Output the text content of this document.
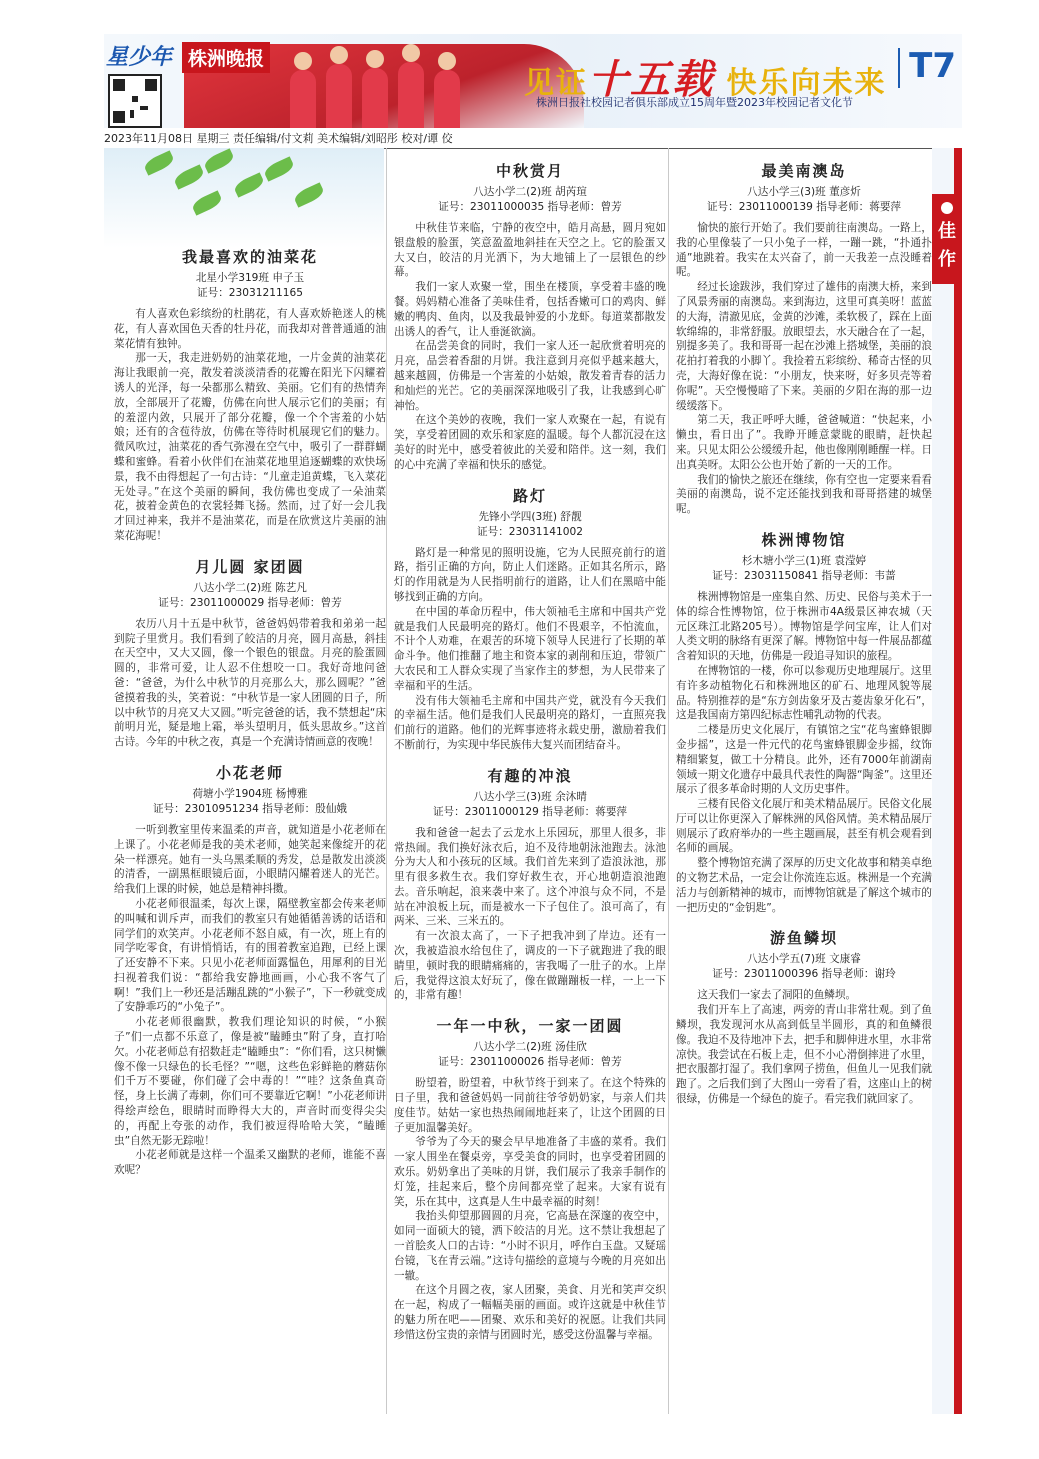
星少年 株洲晚报
见证十五载 快乐向未来
株洲日报社校园记者俱乐部成立15周年暨2023年校园记者文化节
T7
2023年11月08日 星期三 责任编辑/付文莉 美术编辑/刘昭彤 校对/谭 佼
佳作
我最喜欢的油菜花
北星小学319班 申子玉
证号：23031211165

有人喜欢色彩缤纷的杜鹃花，有人喜欢娇艳迷人的桃花，有人喜欢国色天香的牡丹花，而我却对普普通通的油菜花情有独钟。

那一天，我走进奶奶的油菜花地，一片金黄的油菜花海让我眼前一亮，散发着淡淡清香的花瓣在阳光下闪耀着诱人的光泽，每一朵都那么精致、美丽。它们有的热情奔放，全部展开了花瓣，仿佛在向世人展示它们的美丽；有的羞涩内敛，只展开了部分花瓣，像一个个害羞的小姑娘；还有的含苞待放，仿佛在等待时机展现它们的魅力。微风吹过，油菜花的香气弥漫在空气中，吸引了一群群蝴蝶和蜜蜂。看着小伙伴们在油菜花地里追逐蝴蝶的欢快场景，我不由得想起了一句古诗：“儿童走追黄蝶，飞入菜花无处寻。”在这个美丽的瞬间，我仿佛也变成了一朵油菜花，披着金黄色的衣裳轻舞飞扬。然而，过了好一会儿我才回过神来，我并不是油菜花，而是在欣赏这片美丽的油菜花海呢！

月儿圆 家团圆
八达小学二(2)班 陈艺凡
证号：23011000029 指导老师：曾芳

农历八月十五是中秋节，爸爸妈妈带着我和弟弟一起到院子里赏月。我们看到了皎洁的月亮，圆月高悬，斜挂在天空中，又大又圆，像一个银色的银盘。月亮的脸蛋圆圆的，非常可爱，让人忍不住想咬一口。我好奇地问爸爸：“爸爸，为什么中秋节的月亮那么大，那么圆呢？”爸爸摸着我的头，笑着说：“中秋节是一家人团圆的日子，所以中秋节的月亮又大又圆。”听完爸爸的话，我不禁想起“床前明月光，疑是地上霜，举头望明月，低头思故乡。”这首古诗。今年的中秋之夜，真是一个充满诗情画意的夜晚！

小花老师
荷塘小学1904班 杨博雅
证号：23010951234 指导老师：殷仙娥

一听到教室里传来温柔的声音，就知道是小花老师在上课了。小花老师是我的美术老师，她笑起来像绽开的花朵一样漂亮。她有一头乌黑柔顺的秀发，总是散发出淡淡的清香，一副黑框眼镜后面，小眼睛闪耀着迷人的光芒。给我们上课的时候，她总是精神抖擞。

小花老师很温柔，每次上课，隔壁教室都会传来老师的叫喊和训斥声，而我们的教室只有她循循善诱的话语和同学们的欢笑声。小花老师不怒自威，有一次，班上有的同学吃零食，有讲悄悄话，有的围着教室追跑，已经上课了还安静不下来。只见小花老师面露愠色，用犀利的目光扫视着我们说：“都给我安静地画画，小心我不客气了啊！”我们上一秒还是活蹦乱跳的“小猴子”，下一秒就变成了安静乖巧的“小兔子”。

小花老师很幽默，教我们理论知识的时候，“小猴子”们一点都不乐意了，像是被“瞌睡虫”附了身，直打哈欠。小花老师总有招数赶走“瞌睡虫”：“你们看，这只树懒像不像一只绿色的长毛怪？”“嗯，这些色彩鲜艳的蘑菇你们千万不要碰，你们碰了会中毒的！”“哇？这条鱼真奇怪，身上长满了毒刺，你们可不要靠近它啊！”小花老师讲得绘声绘色，眼睛时而睁得大大的，声音时而变得尖尖的，再配上夸张的动作，我们被逗得哈哈大笑，“瞌睡虫”自然无影无踪啦！

小花老师就是这样一个温柔又幽默的老师，谁能不喜欢呢？

中秋赏月
八达小学二(2)班 胡芮瑄
证号：23011000035 指导老师：曾芳

中秋佳节来临，宁静的夜空中，皓月高悬，圆月宛如银盘般的脸蛋，笑意盈盈地斜挂在天空之上。它的脸蛋又大又白，皎洁的月光洒下，为大地铺上了一层银色的纱幕。

我们一家人欢聚一堂，围坐在楼顶，享受着丰盛的晚餐。妈妈精心准备了美味佳肴，包括香嫩可口的鸡肉、鲜嫩的鸭肉、鱼肉，以及我最钟爱的小龙虾。每道菜都散发出诱人的香气，让人垂涎欲滴。

在品尝美食的同时，我们一家人还一起欣赏着明亮的月亮，品尝着香甜的月饼。我注意到月亮似乎越来越大，越来越圆，仿佛是一个害羞的小姑娘，散发着青春的活力和灿烂的光芒。它的美丽深深地吸引了我，让我感到心旷神怡。

在这个美妙的夜晚，我们一家人欢聚在一起，有说有笑，享受着团圆的欢乐和家庭的温暖。每个人都沉浸在这美好的时光中，感受着彼此的关爱和陪伴。这一刻，我们的心中充满了幸福和快乐的感觉。

路灯
先锋小学四(3班) 舒靓
证号：23031141002

路灯是一种常见的照明设施，它为人民照亮前行的道路，指引正确的方向，防止人们迷路。正如其名所示，路灯的作用就是为人民指明前行的道路，让人们在黑暗中能够找到正确的方向。

在中国的革命历程中，伟大领袖毛主席和中国共产党就是我们人民最明亮的路灯。他们不畏艰辛，不怕流血，不计个人劝难，在艰苦的环境下领导人民进行了长期的革命斗争。他们推翻了地主和资本家的剥削和压迫，带领广大农民和工人群众实现了当家作主的梦想，为人民带来了幸福和平的生活。

没有伟大领袖毛主席和中国共产党，就没有今天我们的幸福生活。他们是我们人民最明亮的路灯，一直照亮我们前行的道路。他们的光辉事迹将永载史册，激励着我们不断前行，为实现中华民族伟大复兴而团结奋斗。

有趣的冲浪
八达小学三(3)班 余沐晴
证号：23011000129 指导老师：蒋要萍

我和爸爸一起去了云龙水上乐园玩，那里人很多，非常热闹。我们换好泳衣后，迫不及待地朝泳池跑去。泳池分为大人和小孩玩的区域。我们首先来到了造浪泳池，那里有很多救生衣。我们穿好救生衣，开心地朝造浪池跑去。音乐响起，浪来袭中来了。这个冲浪与众不同，不是站在冲浪板上玩，而是被水一下子包住了。浪可高了，有两米、三米、三米五的。

有一次浪太高了，一下子把我冲到了岸边。还有一次，我被造浪水给包住了，调皮的一下子就跑进了我的眼睛里，顿时我的眼睛痛痛的，害我喝了一肚子的水。上岸后，我觉得这浪太好玩了，像在做蹦蹦板一样，一上一下的，非常有趣！

一年一中秋，一家一团圆
八达小学二(2)班 汤佳欣
证号：23011000026 指导老师：曾芳

盼望着，盼望着，中秋节终于到来了。在这个特殊的日子里，我和爸爸妈妈一同前往爷爷奶奶家，与亲人们共度佳节。姑姑一家也热热闹闹地赶来了，让这个团圆的日子更加温馨美好。

爷爷为了今天的聚会早早地准备了丰盛的菜肴。我们一家人围坐在餐桌旁，享受美食的同时，也享受着团圆的欢乐。奶奶拿出了美味的月饼，我们展示了我亲手制作的灯笼，挂起来后，整个房间都亮堂了起来。大家有说有笑，乐在其中，这真是人生中最幸福的时刻！

我抬头仰望那圆圆的月亮，它高悬在深邃的夜空中，如同一面硕大的镜，洒下皎洁的月光。这不禁让我想起了一首脍炙人口的古诗：“小时不识月，呼作白玉盘。又疑瑶台镜，飞在青云端。”这诗句描绘的意境与今晚的月亮如出一辙。

在这个月圆之夜，家人团聚，美食、月光和笑声交织在一起，构成了一幅幅美丽的画面。或许这就是中秋佳节的魅力所在吧——团聚、欢乐和美好的祝愿。让我们共同珍惜这份宝贵的亲情与团圆时光，感受这份温馨与幸福。

最美南澳岛
八达小学三(3)班 董彦炘
证号：23011000139 指导老师：蒋要萍

愉快的旅行开始了。我们要前往南澳岛。一路上，我的心里像装了一只小兔子一样，一蹦一跳，“扑通扑通”地跳着。我实在太兴奋了，前一天我差一点没睡着呢。

经过长途跋涉，我们穿过了雄伟的南澳大桥，来到了风景秀丽的南澳岛。来到海边，这里可真美呀！蓝蓝的大海，清澈见底，金黄的沙滩，柔软极了，踩在上面软绵绵的，非常舒服。放眼望去，水天融合在了一起，别提多美了。我和哥哥一起在沙滩上搭城堡，美丽的浪花拍打着我的小脚丫。我捡着五彩缤纷、稀奇古怪的贝壳，大海好像在说：“小朋友，快来呀，好多贝壳等着你呢”。天空慢慢暗了下来。美丽的夕阳在海的那一边缓缓落下。

第二天，我正呼呼大睡，爸爸喊道：“快起来，小懒虫，看日出了”。我睁开睡意蒙眬的眼睛，赶快起来。只见太阳公公缓缓升起，他也像刚刚睡醒一样。日出真美呀。太阳公公也开始了新的一天的工作。

我们的愉快之旅还在继续，你有空也一定要来看看美丽的南澳岛，说不定还能找到我和哥哥搭建的城堡呢。

株洲博物馆
杉木塘小学三(1)班 袁滢婷
证号：23031150841 指导老师：韦蔷

株洲博物馆是一座集自然、历史、民俗与美术于一体的综合性博物馆，位于株洲市4A级景区神农城（天元区珠江北路205号）。博物馆是学问宝库，让人们对人类文明的脉络有更深了解。博物馆中每一件展品都蕴含着知识的天地，仿佛是一段追寻知识的旅程。

在博物馆的一楼，你可以参观历史地理展厅。这里有许多动植物化石和株洲地区的矿石、地理风貌等展品。特别推荐的是“东方剑齿象牙及古菱齿象牙化石”，这是我国南方第四纪标志性哺乳动物的代表。

二楼是历史文化展厅，有镇馆之宝“花鸟蜜蜂银脚金步摇”，这是一件元代的花鸟蜜蜂银脚金步摇，纹饰精细繁复，做工十分精良。此外，还有7000年前湖南领域一期文化遗存中最具代表性的陶器“陶釜”。这里还展示了很多革命时期的人文历史事件。

三楼有民俗文化展厅和美术精品展厅。民俗文化展厅可以让你更深入了解株洲的风俗风情。美术精品展厅则展示了政府举办的一些主题画展，甚至有机会观看到名师的画展。

整个博物馆充满了深厚的历史文化故事和精美卓绝的文物艺术品，一定会让你流连忘返。株洲是一个充满活力与创新精神的城市，而博物馆就是了解这个城市的一把历史的“金钥匙”。

游鱼鳞坝
八达小学五(7)班 文康睿
证号：23011000396 指导老师：谢玲

这天我们一家去了洞阳的鱼鳞坝。

我们开车上了高速，两旁的青山非常壮观。到了鱼鳞坝，我发现河水从高到低呈半圆形，真的和鱼鳞很像。我迫不及待地冲下去，把手和脚伸进水里，水非常凉快。我尝试在石板上走，但不小心滑倒摔进了水里，把衣服都打湿了。我们拿网子捞鱼，但鱼儿一见我们就跑了。之后我们到了大图山一旁看了看，这座山上的树很绿，仿佛是一个绿色的旋子。看完我们就回家了。
